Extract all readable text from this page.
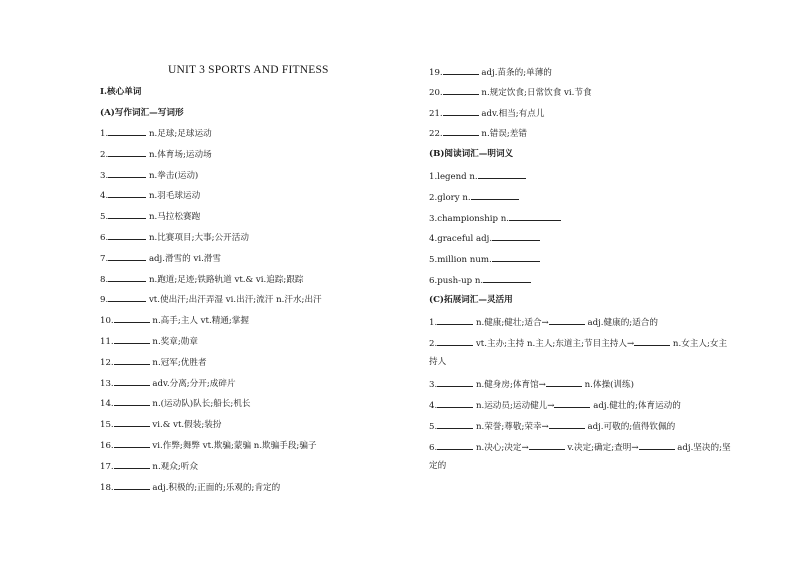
UNIT 3 SPORTS AND FITNESS
Ⅰ.核心单词
(A)写作词汇—写词形
1.	n.足球;足球运动
2.	n.体育场;运动场
3.	n.拳击(运动)
4.	n.羽毛球运动
5.	n.马拉松赛跑
6.	n.比赛项目;大事;公开活动
7.	adj.滑雪的 vi.滑雪
8.	n.跑道;足迹;铁路轨道 vt.& vi.追踪;跟踪
9.	vt.使出汗;出汗弄湿 vi.出汗;流汗 n.汗水;出汗
10.	n.高手;主人 vt.精通;掌握
11.	n.奖章;勋章
12.	n.冠军;优胜者
13.	adv.分离;分开;成碎片
14.	n.(运动队)队长;船长;机长
15.	vi.& vt.假装;装扮
16.	vi.作弊;舞弊 vt.欺骗;蒙骗 n.欺骗手段;骗子
17.	n.观众;听众
18.	adj.积极的;正面的;乐观的;肯定的
19.	adj.苗条的;单薄的
20.	n.规定饮食;日常饮食 vi.节食
21.	adv.相当;有点儿
22.	n.错误;差错
(B)阅读词汇—明词义
1.legend n.
2.glory n.
3.championship n.
4.graceful adj.
5.million num.
6.push-up n.
(C)拓展词汇—灵活用
1.	n.健康;健壮;适合→	adj.健康的;适合的
2.	vt.主办;主持 n.主人;东道主;节目主持人→	n.女主人;女主
3.	n.健身房;体育馆→	n.体操(训练)
4.	n.运动员;运动健儿→	adj.健壮的;体育运动的
5.	n.荣誉;尊敬;荣幸→	adj.可敬的;值得钦佩的
6.	n.决心;决定→	v.决定;确定;查明→	adj.坚决的;坚
持人
定的
